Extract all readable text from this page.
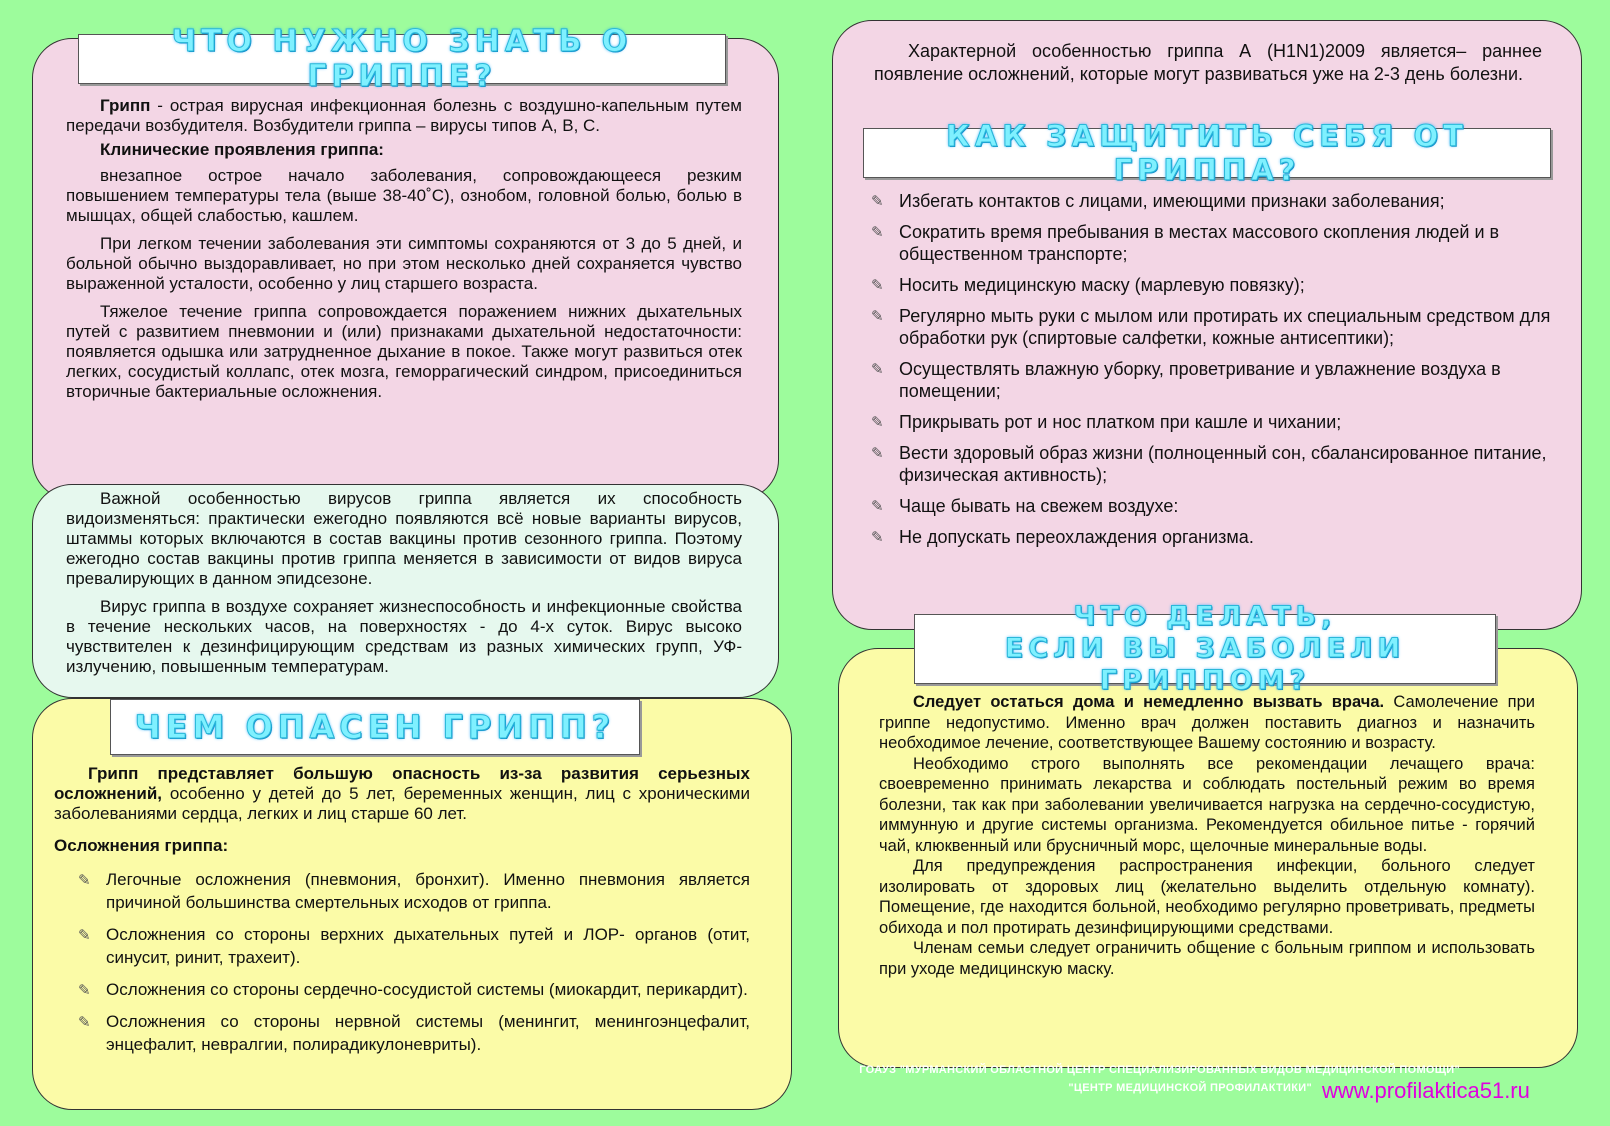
ЧТО НУЖНО ЗНАТЬ О ГРИППЕ?

Грипп - острая вирусная инфекционная болезнь с воздушно-капельным путем передачи возбудителя. Возбудители гриппа – вирусы типов А, В, С.

Клинические проявления гриппа:

внезапное острое начало заболевания, сопровождающееся резким повышением температуры тела (выше 38-40˚С), ознобом, головной болью, болью в мышцах, общей слабостью, кашлем.

При легком течении заболевания эти симптомы сохраняются от 3 до 5 дней, и больной обычно выздоравливает, но при этом несколько дней сохраняется чувство выраженной усталости, особенно у лиц старшего возраста.

Тяжелое течение гриппа сопровождается поражением нижних дыхательных путей с развитием пневмонии и (или) признаками дыхательной недостаточности: появляется одышка или затрудненное дыхание в покое. Также могут развиться отек легких, сосудистый коллапс, отек мозга, геморрагический синдром, присоединиться вторичные бактериальные осложнения.

Важной особенностью вирусов гриппа является их способность видоизменяться: практически ежегодно появляются всё новые варианты вирусов, штаммы которых включаются в состав вакцины против сезонного гриппа. Поэтому ежегодно состав вакцины против гриппа меняется в зависимости от видов вируса превалирующих в данном эпидсезоне.

Вирус гриппа в воздухе сохраняет жизнеспособность и инфекционные свойства в течение нескольких часов, на поверхностях - до 4-х суток. Вирус высоко чувствителен к дезинфицирующим средствам из разных химических групп, УФ-излучению, повышенным температурам.

ЧЕМ ОПАСЕН ГРИПП?

Грипп представляет большую опасность из-за развития серьезных осложнений, особенно у детей до 5 лет, беременных женщин, лиц с хроническими заболеваниями сердца, легких и лиц старше 60 лет.

Осложнения гриппа:

✎ Легочные осложнения (пневмония, бронхит). Именно пневмония является причиной большинства смертельных исходов от гриппа.
✎ Осложнения со стороны верхних дыхательных путей и ЛОР- органов (отит, синусит, ринит, трахеит).
✎ Осложнения со стороны сердечно-сосудистой системы (миокардит, перикардит).
✎ Осложнения со стороны нервной системы (менингит, менингоэнцефалит, энцефалит, невралгии, полирадикулоневриты).

Характерной особенностью гриппа А (H1N1)2009 является– раннее появление осложнений, которые могут развиваться уже на 2-3 день болезни.

КАК ЗАЩИТИТЬ СЕБЯ ОТ ГРИППА?
✎ Избегать контактов с лицами, имеющими признаки заболевания;
✎ Сократить время пребывания в местах массового скопления людей и в общественном транспорте;
✎ Носить медицинскую маску (марлевую повязку);
✎ Регулярно мыть руки с мылом или протирать их специальным средством для обработки рук (спиртовые салфетки, кожные антисептики);
✎ Осуществлять влажную уборку, проветривание и увлажнение воздуха в помещении;
✎ Прикрывать рот и нос платком при кашле и чихании;
✎ Вести здоровый образ жизни (полноценный сон, сбалансированное питание, физическая активность);
✎ Чаще бывать на свежем воздухе:
✎ Не допускать переохлаждения организма.
ЧТО ДЕЛАТЬ,
ЕСЛИ ВЫ ЗАБОЛЕЛИ ГРИППОМ?

Следует остаться дома и немедленно вызвать врача. Самолечение при гриппе недопустимо. Именно врач должен поставить диагноз и назначить необходимое лечение, соответствующее Вашему состоянию и возрасту.

Необходимо строго выполнять все рекомендации лечащего врача: своевременно принимать лекарства и соблюдать постельный режим во время болезни, так как при заболевании увеличивается нагрузка на сердечно-сосудистую, иммунную и другие системы организма. Рекомендуется обильное питье - горячий чай, клюквенный или брусничный морс, щелочные минеральные воды.

Для предупреждения распространения инфекции, больного следует изолировать от здоровых лиц (желательно выделить отдельную комнату). Помещение, где находится больной, необходимо регулярно проветривать, предметы обихода и пол протирать дезинфицирующими средствами.

Членам семьи следует ограничить общение с больным гриппом и использовать при уходе медицинскую маску.

ГОАУЗ "МУРМАНСКИЙ ОБЛАСТНОЙ ЦЕНТР СПЕЦИАЛИЗИРОВАННЫХ ВИДОВ МЕДИЦИНСКОЙ ПОМОЩИ"
"ЦЕНТР МЕДИЦИНСКОЙ ПРОФИЛАКТИКИ" www.profilaktica51.ru
